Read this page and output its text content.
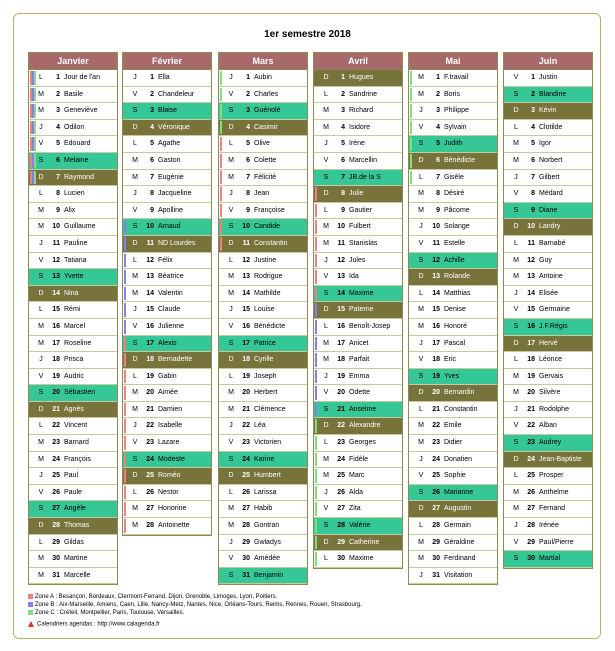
1er semestre 2018
Janvier
L	1 Jour de l'an
M	2 Basile
M	3 Geneviève
J	4 Odilon
V	5 Edouard
S	6 Melaine
D	7 Raymond
L	8 Lucien
M	9 Alix
M	10 Guillaume
J	11 Pauline
V	12 Tatiana
S	13 Yvette
D	14 Nina
L	15 Rémi
M	16 Marcel
M	17 Roseline
J	18 Prisca
V	19 Audric
S	20 Sébastien
D	21 Agnès
L	22 Vincent
M	23 Barnard
M	24 François
J	25 Paul
V	26 Paule
S	27 Angèle
D	28 Thomas
L	29 Gildas
M	30 Martine
M	31 Marcelle
Février
J	1 Ella
V	2 Chandeleur
S	3 Blaise
D	4 Véronique
L	5 Agathe
M	6 Gaston
M	7 Eugénie
J	8 Jacqueline
V	9 Apolline
S	10 Arnaud
D	11 ND Lourdes
L	12 Félix
M	13 Béatrice
M	14 Valentin
J	15 Claude
V	16 Julienne
S	17 Alexis
D	18 Bernadette
L	19 Gabin
M	20 Aimée
M	21 Damien
J	22 Isabelle
V	23 Lazare
S	24 Modeste
D	25 Roméo
L	26 Nestor
M	27 Honorine
M	28 Antoinette
Mars
J	1 Aubin
V	2 Charles
S	3 Guénolé
D	4 Casimir
L	5 Olive
M	6 Colette
M	7 Félicité
J	8 Jean
V	9 Françoise
S	10 Candide
D	11 Constantin
L	12 Justine
M	13 Rodrigue
M	14 Mathilde
J	15 Louise
V	16 Bénédicte
S	17 Patrice
D	18 Cyrille
L	19 Joseph
M	20 Herbert
M	21 Clémence
J	22 Léa
V	23 Victorien
S	24 Karine
D	25 Humbert
L	26 Larissa
M	27 Habib
M	28 Gontran
J	29 Gwladys
V	30 Amédée
S	31 Benjamin
Avril
D	1 Hugues
L	2 Sandrine
M	3 Richard
M	4 Isidore
J	5 Irène
V	6 Marcellin
S	7 JB.de la S
D	8 Julie
L	9 Gautier
M	10 Fulbert
M	11 Stanislas
J	12 Jules
V	13 Ida
S	14 Maxime
D	15 Paterne
L	16 Benoît-Josep
M	17 Anicet
M	18 Parfait
J	19 Emma
V	20 Odette
S	21 Anselme
D	22 Alexandre
L	23 Georges
M	24 Fidèle
M	25 Marc
J	26 Alda
V	27 Zita
S	28 Valérie
D	29 Catherine
L	30 Maxime
Mai
M	1 F.travail
M	2 Boris
J	3 Philippe
V	4 Sylvain
S	5 Judith
D	6 Bénédicte
L	7 Gisèle
M	8 Désiré
M	9 Pâcome
J	10 Solange
V	11 Estelle
S	12 Achille
D	13 Rolande
L	14 Matthias
M	15 Denise
M	16 Honoré
J	17 Pascal
V	18 Eric
S	19 Yves
D	20 Bernardin
L	21 Constantin
M	22 Emile
M	23 Didier
J	24 Donatien
V	25 Sophie
S	26 Marianne
D	27 Augustin
L	28 Germain
M	29 Géraldine
M	30 Ferdinand
J	31 Visitation
Juin
V	1 Justin
S	2 Blandine
D	3 Kévin
L	4 Clotilde
M	5 Igor
M	6 Norbert
J	7 Gilbert
V	8 Médard
S	9 Diane
D	10 Landry
L	11 Barnabé
M	12 Guy
M	13 Antoine
J	14 Elisée
V	15 Germaine
S	16 J.F.Régis
D	17 Hervé
L	18 Léonce
M	19 Gervais
M	20 Silvère
J	21 Rodolphe
V	22 Alban
S	23 Audrey
D	24 Jean-Baptiste
L	25 Prosper
M	26 Anthelme
M	27 Fernand
J	28 Irénée
V	29 Paul/Pierre
S	30 Martial
Zone A : Besançon, Bordeaux, Clermont-Ferrand, Dijon, Grenoble, Limoges, Lyon, Poitiers.
Zone B : Aix-Marseille, Amiens, Caen, Lille, Nancy-Metz, Nantes, Nice, Orléans-Tours, Reims, Rennes, Rouen, Strasbourg.
Zone C : Créteil, Montpellier, Paris, Toulouse, Versailles.
Calendriers agendas : http://www.calagenda.fr
